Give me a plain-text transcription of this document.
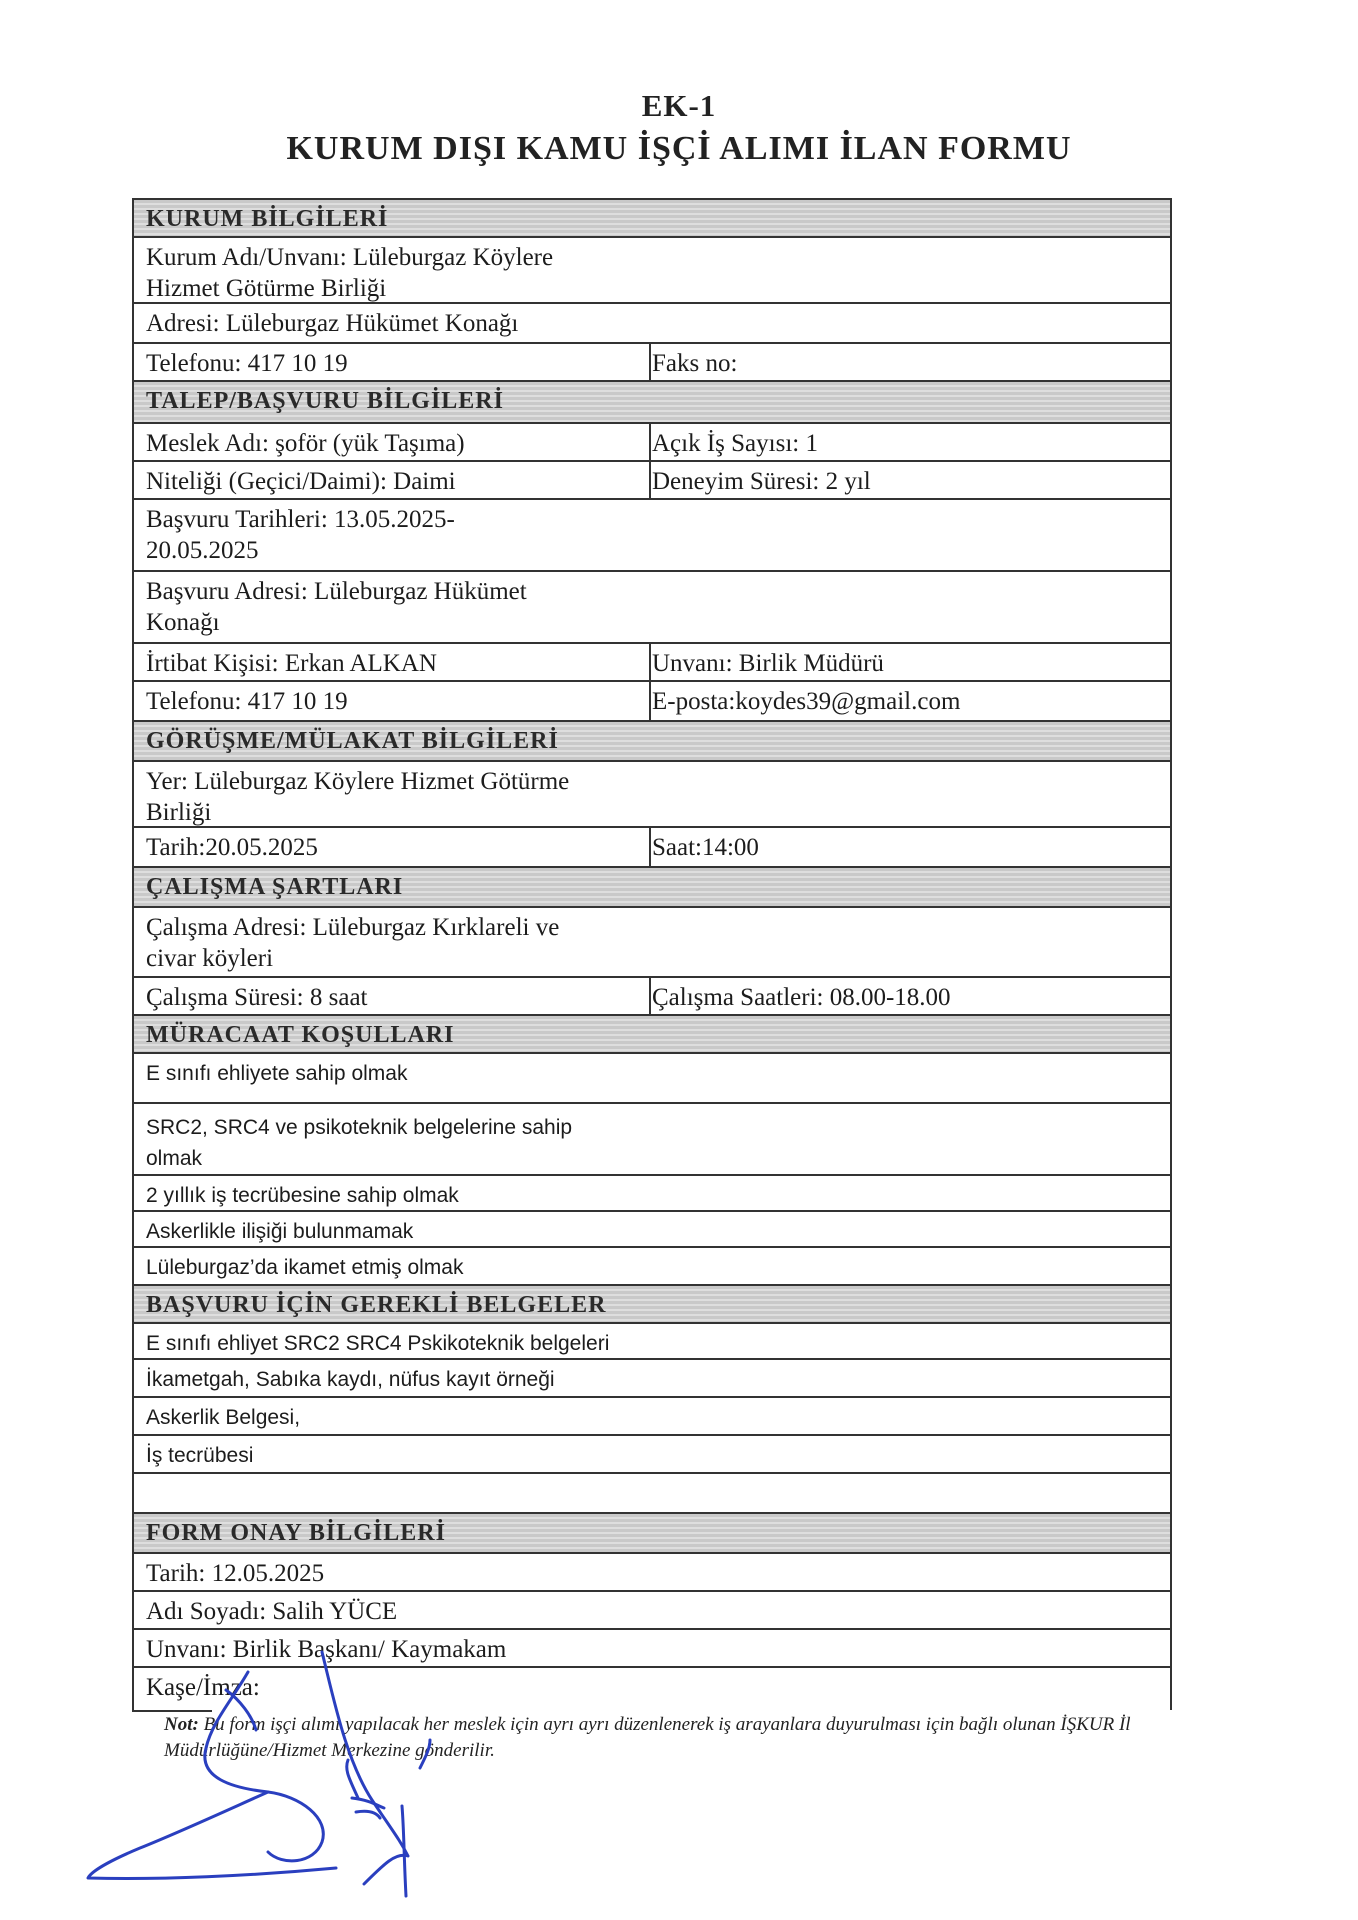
EK-1
KURUM DIŞI KAMU İŞÇİ ALIMI İLAN FORMU
KURUM BİLGİLERİ
Kurum Adı/Unvanı: Lüleburgaz Köylere
Hizmet Götürme Birliği
Adresi: Lüleburgaz Hükümet Konağı
Telefonu: 417 10 19	Faks no:
TALEP/BAŞVURU BİLGİLERİ
Meslek Adı: şoför (yük Taşıma)	Açık İş Sayısı: 1
Niteliği (Geçici/Daimi): Daimi	Deneyim Süresi: 2 yıl
Başvuru Tarihleri: 13.05.2025-
20.05.2025
Başvuru Adresi: Lüleburgaz Hükümet
Konağı
İrtibat Kişisi: Erkan ALKAN	Unvanı: Birlik Müdürü
Telefonu: 417 10 19	E-posta:koydes39@gmail.com
GÖRÜŞME/MÜLAKAT BİLGİLERİ
Yer: Lüleburgaz Köylere Hizmet Götürme
Birliği
Tarih:20.05.2025	Saat:14:00
ÇALIŞMA ŞARTLARI
Çalışma Adresi: Lüleburgaz Kırklareli ve
civar köyleri
Çalışma Süresi: 8 saat	Çalışma Saatleri: 08.00-18.00
MÜRACAAT KOŞULLARI
E sınıfı ehliyete sahip olmak
SRC2, SRC4 ve psikoteknik belgelerine sahip
olmak
2 yıllık iş tecrübesine sahip olmak
Askerlikle ilişiği bulunmamak
Lüleburgaz’da ikamet etmiş olmak
BAŞVURU İÇİN GEREKLİ BELGELER
E sınıfı ehliyet SRC2 SRC4 Pskikoteknik belgeleri
İkametgah, Sabıka kaydı, nüfus kayıt örneği
Askerlik Belgesi,
İş tecrübesi
FORM ONAY BİLGİLERİ
Tarih: 12.05.2025
Adı Soyadı: Salih YÜCE
Unvanı: Birlik Başkanı/ Kaymakam
Kaşe/İmza:
Not: Bu form işçi alımı yapılacak her meslek için ayrı ayrı düzenlenerek iş arayanlara duyurulması için bağlı olunan İŞKUR İl Müdürlüğüne/Hizmet Merkezine gönderilir.
